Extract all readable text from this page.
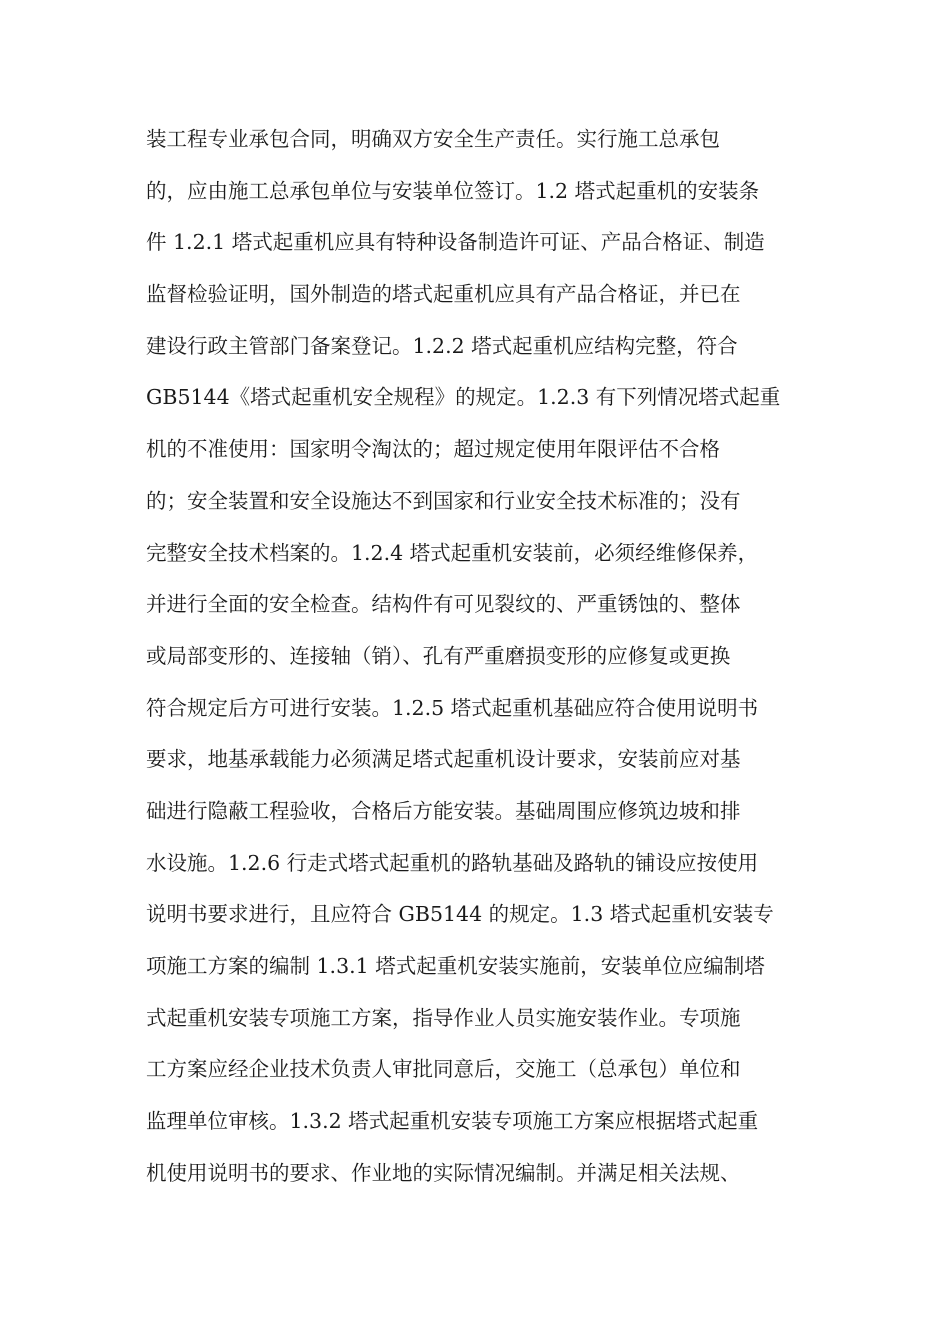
装工程专业承包合同，明确双方安全生产责任。实行施工总承包
的，应由施工总承包单位与安装单位签订。1.2 塔式起重机的安装条
件 1.2.1 塔式起重机应具有特种设备制造许可证、产品合格证、制造
监督检验证明，国外制造的塔式起重机应具有产品合格证，并已在
建设行政主管部门备案登记。1.2.2 塔式起重机应结构完整，符合
GB5144《塔式起重机安全规程》的规定。1.2.3 有下列情况塔式起重
机的不准使用：国家明令淘汰的；超过规定使用年限评估不合格
的；安全装置和安全设施达不到国家和行业安全技术标准的；没有
完整安全技术档案的。1.2.4 塔式起重机安装前，必须经维修保养，
并进行全面的安全检查。结构件有可见裂纹的、严重锈蚀的、整体
或局部变形的、连接轴（销）、孔有严重磨损变形的应修复或更换
符合规定后方可进行安装。1.2.5 塔式起重机基础应符合使用说明书
要求，地基承载能力必须满足塔式起重机设计要求，安装前应对基
础进行隐蔽工程验收，合格后方能安装。基础周围应修筑边坡和排
水设施。1.2.6 行走式塔式起重机的路轨基础及路轨的铺设应按使用
说明书要求进行，且应符合 GB5144 的规定。1.3 塔式起重机安装专
项施工方案的编制 1.3.1 塔式起重机安装实施前，安装单位应编制塔
式起重机安装专项施工方案，指导作业人员实施安装作业。专项施
工方案应经企业技术负责人审批同意后，交施工（总承包）单位和
监理单位审核。1.3.2 塔式起重机安装专项施工方案应根据塔式起重
机使用说明书的要求、作业地的实际情况编制。并满足相关法规、
